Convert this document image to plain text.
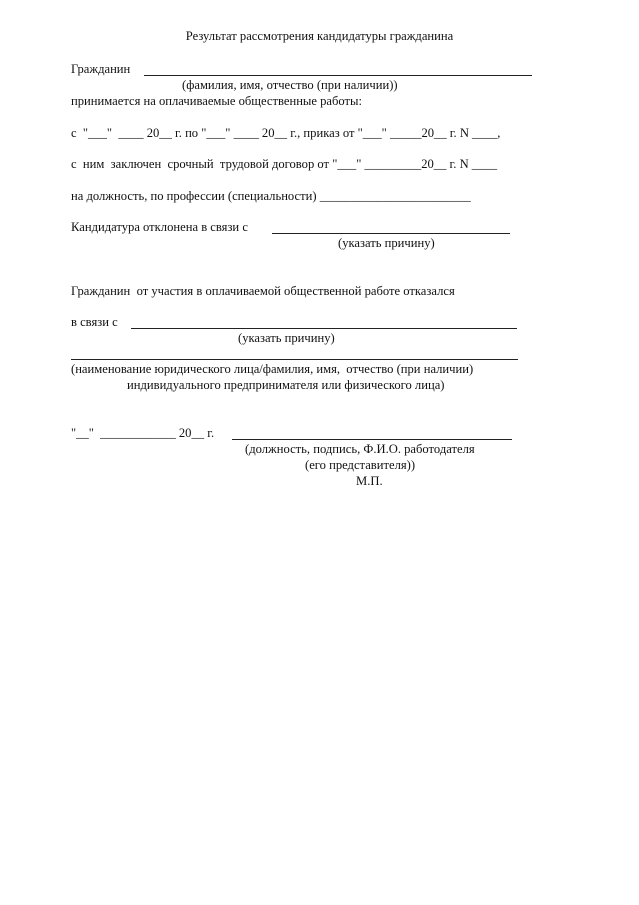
Результат рассмотрения кандидатуры гражданина
Гражданин
(фамилия, имя, отчество (при наличии))
принимается на оплачиваемые общественные работы:
с  "___"  ____ 20__ г. по "___" ____ 20__ г., приказ от "___" _____20__ г. N ____,
с  ним  заключен  срочный  трудовой договор от "___" _________20__ г. N ____
на должность, по профессии (специальности) ________________________
Кандидатура отклонена в связи с
(указать причину)
Гражданин  от участия в оплачиваемой общественной работе отказался
в связи с
(указать причину)
(наименование юридического лица/фамилия, имя,  отчество (при наличии)
индивидуального предпринимателя или физического лица)
"__"  ____________ 20__ г.
(должность, подпись, Ф.И.О. работодателя
(его представителя))
М.П.
